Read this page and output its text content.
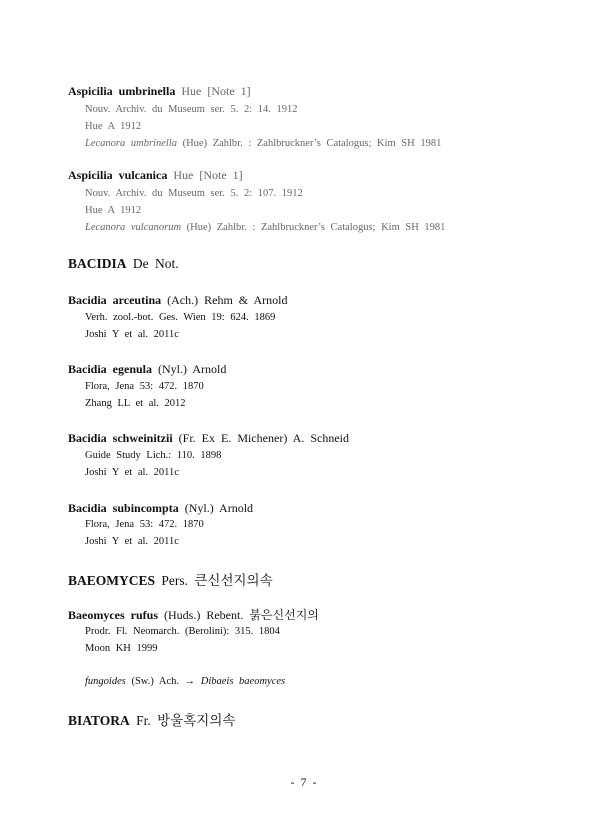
Aspicilia umbrinella Hue [Note 1]
Nouv. Archiv. du Museum ser. 5. 2: 14. 1912
Hue A 1912
Lecanora umbrinella (Hue) Zahlbr. : Zahlbruckner’s Catalogus; Kim SH 1981
Aspicilia vulcanica Hue [Note 1]
Nouv. Archiv. du Museum ser. 5. 2: 107. 1912
Hue A 1912
Lecanora vulcanorum (Hue) Zahlbr. : Zahlbruckner’s Catalogus; Kim SH 1981
BACIDIA De Not.
Bacidia arceutina (Ach.) Rehm & Arnold
Verh. zool.-bot. Ges. Wien 19: 624. 1869
Joshi Y et al. 2011c
Bacidia egenula (Nyl.) Arnold
Flora, Jena 53: 472. 1870
Zhang LL et al. 2012
Bacidia schweinitzii (Fr. Ex E. Michener) A. Schneid
Guide Study Lich.: 110. 1898
Joshi Y et al. 2011c
Bacidia subincompta (Nyl.) Arnold
Flora, Jena 53: 472. 1870
Joshi Y et al. 2011c
BAEOMYCES Pers. 큰신선지의속
Baeomyces rufus (Huds.) Rebent. 붉은신선지의
Prodr. Fl. Neomarch. (Berolini): 315. 1804
Moon KH 1999
fungoides (Sw.) Ach. → Dibaeis baeomyces
BIATORA Fr. 방울혹지의속
- 7 -
